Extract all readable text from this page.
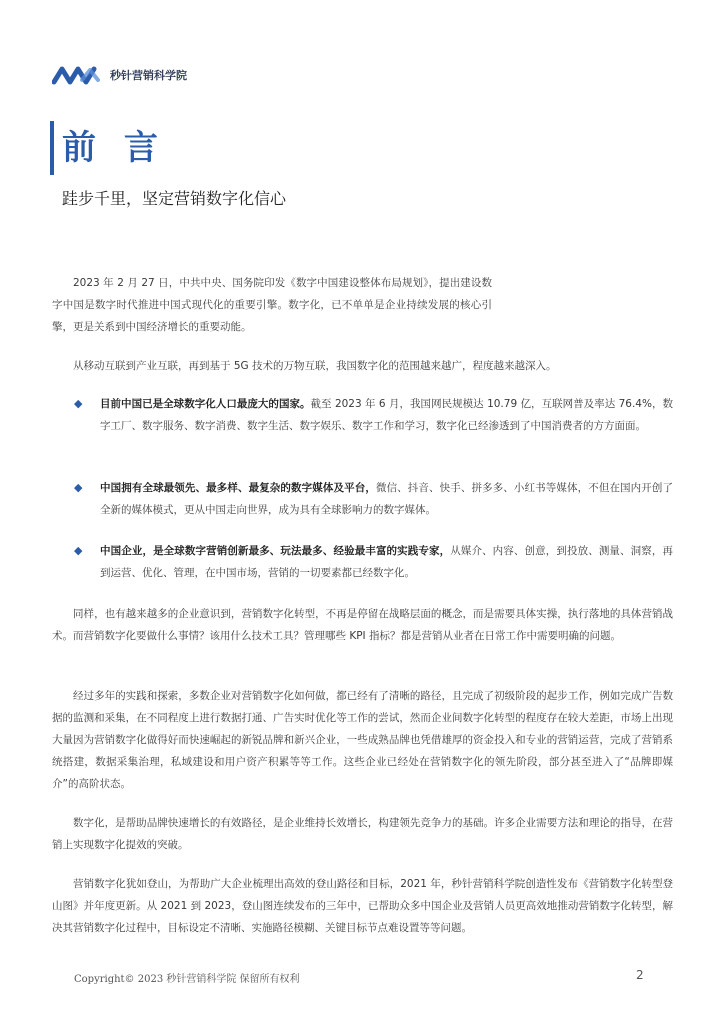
秒针营销科学院
前 言
跬步千里，坚定营销数字化信心

2023 年 2 月 27 日，中共中央、国务院印发《数字中国建设整体布局规划》，提出建设数字中国是数字时代推进中国式现代化的重要引擎。数字化，已不单单是企业持续发展的核心引擎，更是关系到中国经济增长的重要动能。

从移动互联到产业互联，再到基于 5G 技术的万物互联，我国数字化的范围越来越广，程度越来越深入。

◆ 目前中国已是全球数字化人口最庞大的国家。截至 2023 年 6 月，我国网民规模达 10.79 亿，互联网普及率达 76.4%，数字工厂、数字服务、数字消费、数字生活、数字娱乐、数字工作和学习，数字化已经渗透到了中国消费者的方方面面。
◆ 中国拥有全球最领先、最多样、最复杂的数字媒体及平台，微信、抖音、快手、拼多多、小红书等媒体，不但在国内开创了全新的媒体模式，更从中国走向世界，成为具有全球影响力的数字媒体。
◆ 中国企业，是全球数字营销创新最多、玩法最多、经验最丰富的实践专家，从媒介、内容、创意，到投放、测量、洞察，再到运营、优化、管理，在中国市场，营销的一切要素都已经数字化。

同样，也有越来越多的企业意识到，营销数字化转型，不再是停留在战略层面的概念，而是需要具体实操，执行落地的具体营销战术。而营销数字化要做什么事情？该用什么技术工具？管理哪些 KPI 指标？都是营销从业者在日常工作中需要明确的问题。

经过多年的实践和探索，多数企业对营销数字化如何做，都已经有了清晰的路径，且完成了初级阶段的起步工作，例如完成广告数据的监测和采集，在不同程度上进行数据打通、广告实时优化等工作的尝试，然而企业间数字化转型的程度存在较大差距，市场上出现大量因为营销数字化做得好而快速崛起的新锐品牌和新兴企业，一些成熟品牌也凭借雄厚的资金投入和专业的营销运营，完成了营销系统搭建，数据采集治理，私域建设和用户资产积累等等工作。这些企业已经处在营销数字化的领先阶段，部分甚至进入了“品牌即媒介”的高阶状态。

数字化，是帮助品牌快速增长的有效路径，是企业维持长效增长，构建领先竞争力的基础。许多企业需要方法和理论的指导，在营销上实现数字化提效的突破。

营销数字化犹如登山，为帮助广大企业梳理出高效的登山路径和目标，2021 年，秒针营销科学院创造性发布《营销数字化转型登山图》并年度更新。从 2021 到 2023，登山图连续发布的三年中，已帮助众多中国企业及营销人员更高效地推动营销数字化转型，解决其营销数字化过程中，目标设定不清晰、实施路径模糊、关键目标节点难设置等等问题。

Copyright© 2023 秒针营销科学院 保留所有权利	2
